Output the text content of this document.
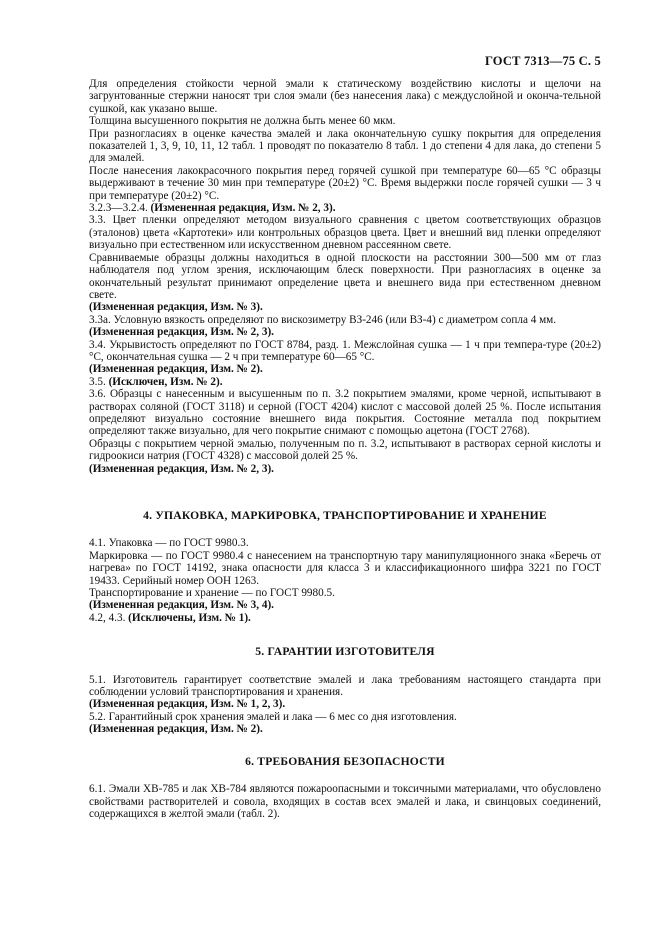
ГОСТ 7313—75 С. 5

Для определения стойкости черной эмали к статическому воздействию кислоты и щелочи на загрунтованные стержни наносят три слоя эмали (без нанесения лака) с междуслойной и оконча-тельной сушкой, как указано выше.

Толщина высушенного покрытия не должна быть менее 60 мкм.

При разногласиях в оценке качества эмалей и лака окончательную сушку покрытия для определения показателей 1, 3, 9, 10, 11, 12 табл. 1 проводят по показателю 8 табл. 1 до степени 4 для лака, до степени 5 для эмалей.

После нанесения лакокрасочного покрытия перед горячей сушкой при температуре 60—65 °С образцы выдерживают в течение 30 мин при температуре (20±2) °С. Время выдержки после горячей сушки — 3 ч при температуре (20±2) °С.

3.2.3—3.2.4. (Измененная редакция, Изм. № 2, 3).

3.3. Цвет пленки определяют методом визуального сравнения с цветом соответствующих образцов (эталонов) цвета «Картотеки» или контрольных образцов цвета. Цвет и внешний вид пленки определяют визуально при естественном или искусственном дневном рассеянном свете.

Сравниваемые образцы должны находиться в одной плоскости на расстоянии 300—500 мм от глаз наблюдателя под углом зрения, исключающим блеск поверхности. При разногласиях в оценке за окончательный результат принимают определение цвета и внешнего вида при естественном дневном свете.

(Измененная редакция, Изм. № 3).

3.3а. Условную вязкость определяют по вискозиметру ВЗ-246 (или ВЗ-4) с диаметром сопла 4 мм.

(Измененная редакция, Изм. № 2, 3).

3.4. Укрывистость определяют по ГОСТ 8784, разд. 1. Межслойная сушка — 1 ч при темпера-туре (20±2) °С, окончательная сушка — 2 ч при температуре 60—65 °С.

(Измененная редакция, Изм. № 2).

3.5. (Исключен, Изм. № 2).

3.6. Образцы с нанесенным и высушенным по п. 3.2 покрытием эмалями, кроме черной, испытывают в растворах соляной (ГОСТ 3118) и серной (ГОСТ 4204) кислот с массовой долей 25 %. После испытания определяют визуально состояние внешнего вида покрытия. Состояние металла под покрытием определяют также визуально, для чего покрытие снимают с помощью ацетона (ГОСТ 2768).

Образцы с покрытием черной эмалью, полученным по п. 3.2, испытывают в растворах серной кислоты и гидроокиси натрия (ГОСТ 4328) с массовой долей 25 %.

(Измененная редакция, Изм. № 2, 3).

4. УПАКОВКА, МАРКИРОВКА, ТРАНСПОРТИРОВАНИЕ И ХРАНЕНИЕ

4.1. Упаковка — по ГОСТ 9980.3.

Маркировка — по ГОСТ 9980.4 с нанесением на транспортную тару манипуляционного знака «Беречь от нагрева» по ГОСТ 14192, знака опасности для класса 3 и классификационного шифра 3221 по ГОСТ 19433. Серийный номер ООН 1263.

Транспортирование и хранение — по ГОСТ 9980.5.

(Измененная редакция, Изм. № 3, 4).

4.2, 4.3. (Исключены, Изм. № 1).

5. ГАРАНТИИ ИЗГОТОВИТЕЛЯ

5.1. Изготовитель гарантирует соответствие эмалей и лака требованиям настоящего стандарта при соблюдении условий транспортирования и хранения.

(Измененная редакция, Изм. № 1, 2, 3).

5.2. Гарантийный срок хранения эмалей и лака — 6 мес со дня изготовления.

(Измененная редакция, Изм. № 2).

6. ТРЕБОВАНИЯ БЕЗОПАСНОСТИ

6.1. Эмали ХВ-785 и лак ХВ-784 являются пожароопасными и токсичными материалами, что обусловлено свойствами растворителей и совола, входящих в состав всех эмалей и лака, и свинцовых соединений, содержащихся в желтой эмали (табл. 2).
